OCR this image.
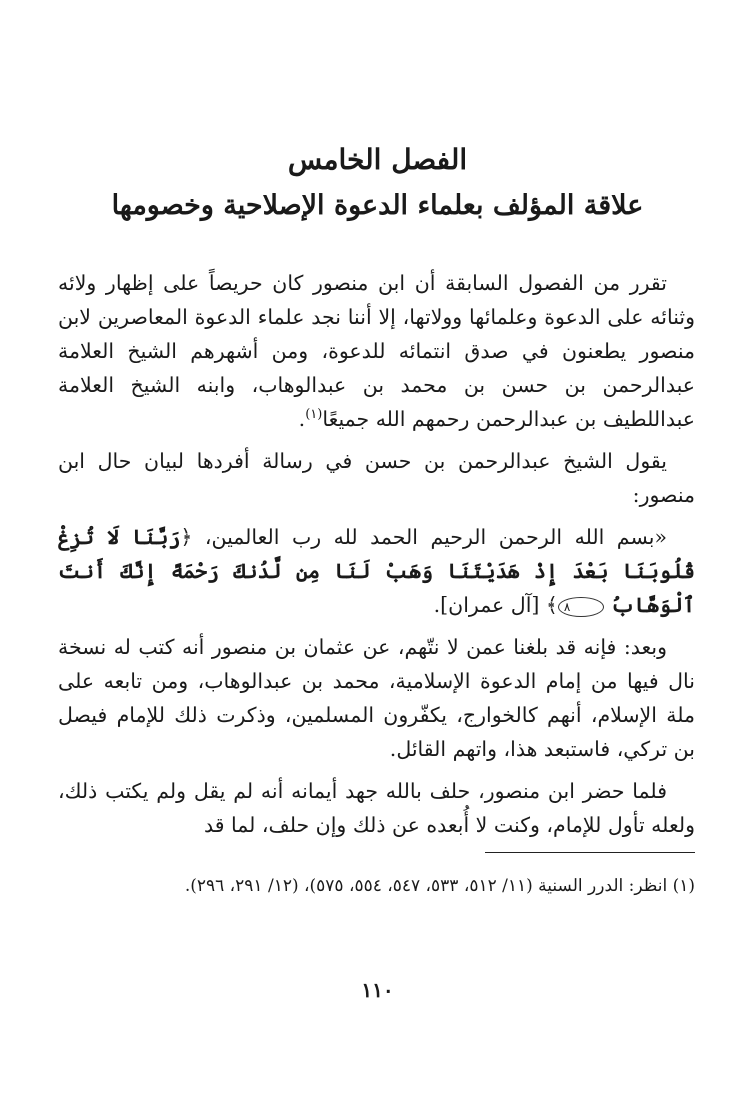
الفصل الخامس
علاقة المؤلف بعلماء الدعوة الإصلاحية وخصومها

تقرر من الفصول السابقة أن ابن منصور كان حريصاً على إظهار ولائه وثنائه على الدعوة وعلمائها وولاتها، إلا أننا نجد علماء الدعوة المعاصرين لابن منصور يطعنون في صدق انتمائه للدعوة، ومن أشهرهم الشيخ العلامة عبدالرحمن بن حسن بن محمد بن عبدالوهاب، وابنه الشيخ العلامة عبداللطيف بن عبدالرحمن رحمهم الله جميعًا$^{(١)}$.

يقول الشيخ عبدالرحمن بن حسن في رسالة أفردها لبيان حال ابن منصور:

«بسم الله الرحمن الرحيم الحمد لله رب العالمين، ﴿رَبَّنَا لَا تُزِغْ قُلُوبَنَا بَعْدَ إِذْ هَدَيْتَنَا وَهَبْ لَنَا مِن لَّدُنكَ رَحْمَةً إِنَّكَ أَنتَ ٱلْوَهَّابُ ٨﴾ [آل عمران].

وبعد: فإنه قد بلغنا عمن لا نتّهم، عن عثمان بن منصور أنه كتب له نسخة نال فيها من إمام الدعوة الإسلامية، محمد بن عبدالوهاب، ومن تابعه على ملة الإسلام، أنهم كالخوارج، يكفّرون المسلمين، وذكرت ذلك للإمام فيصل بن تركي، فاستبعد هذا، واتهم القائل.

فلما حضر ابن منصور، حلف بالله جهد أيمانه أنه لم يقل ولم يكتب ذلك، ولعله تأول للإمام، وكنت لا أُبعده عن ذلك وإن حلف، لما قد

(١) انظر: الدرر السنية (١١/ ٥١٢، ٥٣٣، ٥٤٧، ٥٥٤، ٥٧٥)، (١٢/ ٢٩١، ٢٩٦).

١١٠
